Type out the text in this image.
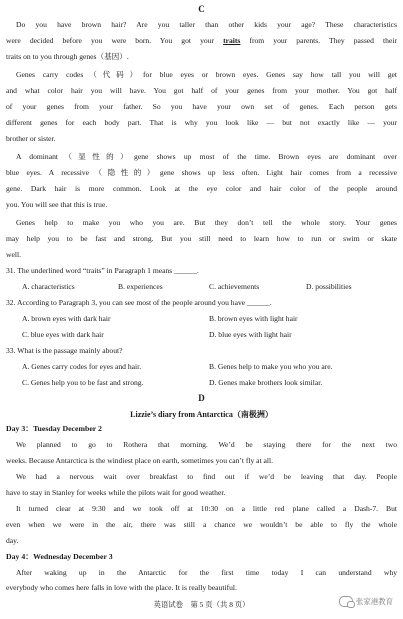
C
Do you have brown hair? Are you taller than other kids your age? These characteristics
were decided before you were born. You got your traits from your parents. They passed their
traits on to you through genes（基因）.
Genes carry codes（代码）for blue eyes or brown eyes. Genes say how tall you will get
and what color hair you will have. You got half of your genes from your mother. You got half
of your genes from your father. So you have your own set of genes. Each person gets
different genes for each body part. That is why you look like — but not exactly like — your
brother or sister.
A dominant（显性的）gene shows up most of the time. Brown eyes are dominant over
blue eyes. A recessive（隐性的）gene shows up less often. Light hair comes from a recessive
gene. Dark hair is more common. Look at the eye color and hair color of the people around
you. You will see that this is true.
Genes help to make you who you are. But they don’t tell the whole story. Your genes
may help you to be fast and strong. But you still need to learn how to run or swim or skate
well.
31. The underlined word “traits” in Paragraph 1 means ______.
A. characteristics	B. experiences	C. achievements	D. possibilities
32. According to Paragraph 3, you can see most of the people around you have ______.
A. brown eyes with dark hair	B. brown eyes with light hair
C. blue eyes with dark hair	D. blue eyes with light hair
33. What is the passage mainly about?
A. Genes carry codes for eyes and hair.	B. Genes help to make you who you are.
C. Genes help you to be fast and strong.	D. Genes make brothers look similar.
D
Lizzie’s diary from Antarctica（南极洲）
Day 3：Tuesday December 2
We planned to go to Rothera that morning. We’d be staying there for the next two
weeks. Because Antarctica is the windiest place on earth, sometimes you can’t fly at all.
We had a nervous wait over breakfast to find out if we’d be leaving that day. People
have to stay in Stanley for weeks while the pilots wait for good weather.
It turned clear at 9:30 and we took off at 10:30 on a little red plane called a Dash-7. But
even when we were in the air, there was still a chance we wouldn’t be able to fly the whole
day.
Day 4：Wednesday December 3
After waking up in the Antarctic for the first time today I can understand why
everybody who comes here falls in love with the place. It is really beautiful.
英语试卷　第 5 页（共 8 页）	张家港教育
